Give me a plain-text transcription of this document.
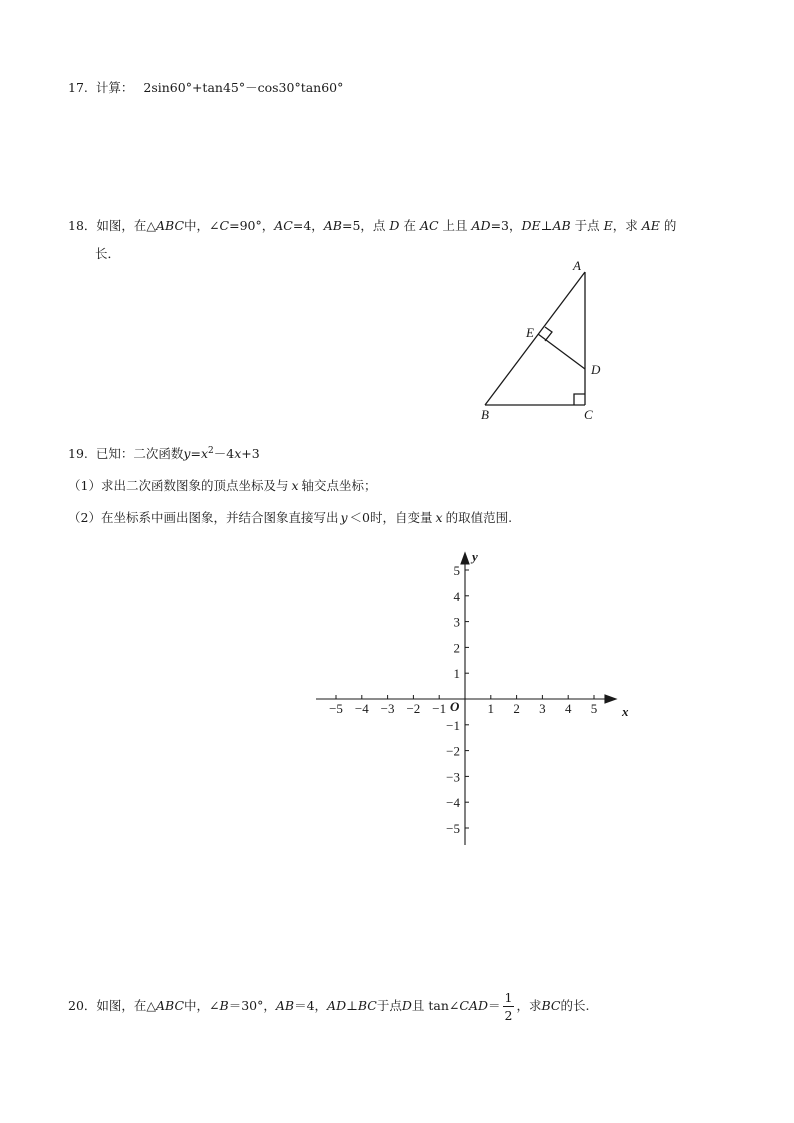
17. 计算： 2sin60°+tan45°－cos30°tan60°
18．如图，在△ABC中，∠C=90°，AC=4，AB=5，点 D 在 AC 上且 AD=3，DE⊥AB 于点 E，求 AE 的
长．
A
E
D
B	C
19. 已知：二次函数$y=x^2-4x+3$
（1）求出二次函数图象的顶点坐标及与 x 轴交点坐标；
（2）在坐标系中画出图象，并结合图象直接写出 y ＜0时，自变量 x 的取值范围.
−5 −4 −3 −2 −1	1 2 3 4 5
5
4
3
2
1
−1
−2
−3
−4
−5
x
y
O
20．如图，在△ABC中，∠B＝30°，AB＝4，AD⊥BC于点D且 tan∠CAD＝ $\frac{1}{2}$ ，求BC的长.
